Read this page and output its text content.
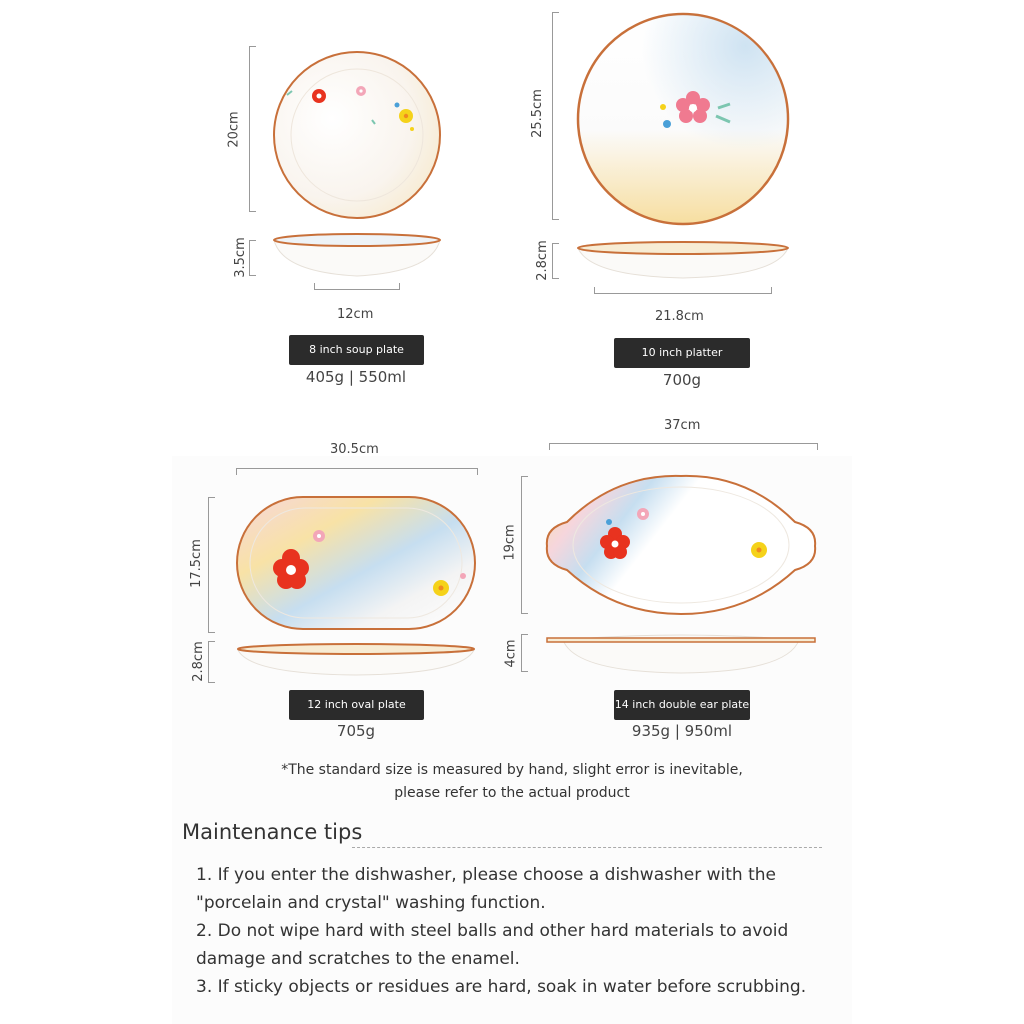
20cm
3.5cm
12cm
8 inch soup plate
405g | 550ml
25.5cm
2.8cm
21.8cm
10 inch platter
700g
30.5cm
17.5cm
2.8cm
12 inch oval plate
705g
37cm
19cm
4cm
14 inch double ear plate
935g | 950ml
*The standard size is measured by hand, slight error is inevitable,
please refer to the actual product
Maintenance tips
1. If you enter the dishwasher, please choose a dishwasher with the "porcelain and crystal" washing function.
2. Do not wipe hard with steel balls and other hard materials to avoid damage and scratches to the enamel.
3. If sticky objects or residues are hard, soak in water before scrubbing.
